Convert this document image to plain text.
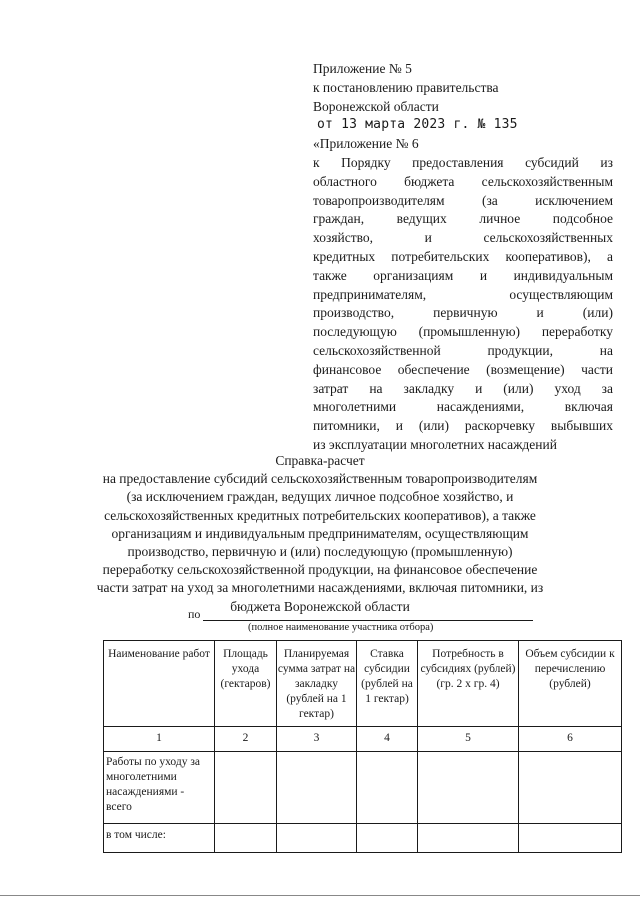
Приложение № 5
к постановлению правительства
Воронежской области
от 13 марта 2023 г. № 135
«Приложение № 6
к Порядку предоставления субсидий из
областного бюджета сельскохозяйственным
товаропроизводителям (за исключением
граждан, ведущих личное подсобное
хозяйство, и сельскохозяйственных
кредитных потребительских кооперативов), а
также организациям и индивидуальным
предпринимателям, осуществляющим
производство, первичную и (или)
последующую (промышленную) переработку
сельскохозяйственной продукции, на
финансовое обеспечение (возмещение) части
затрат на закладку и (или) уход за
многолетними насаждениями, включая
питомники, и (или) раскорчевку выбывших
из эксплуатации многолетних насаждений
Справка-расчет
на предоставление субсидий сельскохозяйственным товаропроизводителям
(за исключением граждан, ведущих личное подсобное хозяйство, и
сельскохозяйственных кредитных потребительских кооперативов), а также
организациям и индивидуальным предпринимателям, осуществляющим
производство, первичную и (или) последующую (промышленную)
переработку сельскохозяйственной продукции, на финансовое обеспечение
части затрат на уход за многолетними насаждениями, включая питомники, из
бюджета Воронежской области
по
(полное наименование участника отбора)
Наименование работ	Площадь ухода (гектаров)	Планируемая сумма затрат на закладку (рублей на 1 гектар)	Ставка субсидии (рублей на 1 гектар)	Потребность в субсидиях (рублей) (гр. 2 х гр. 4)	Объем субсидии к перечислению (рублей)
1	2	3	4	5	6
Работы по уходу за многолетними насаждениями - всего					
в том числе:					
